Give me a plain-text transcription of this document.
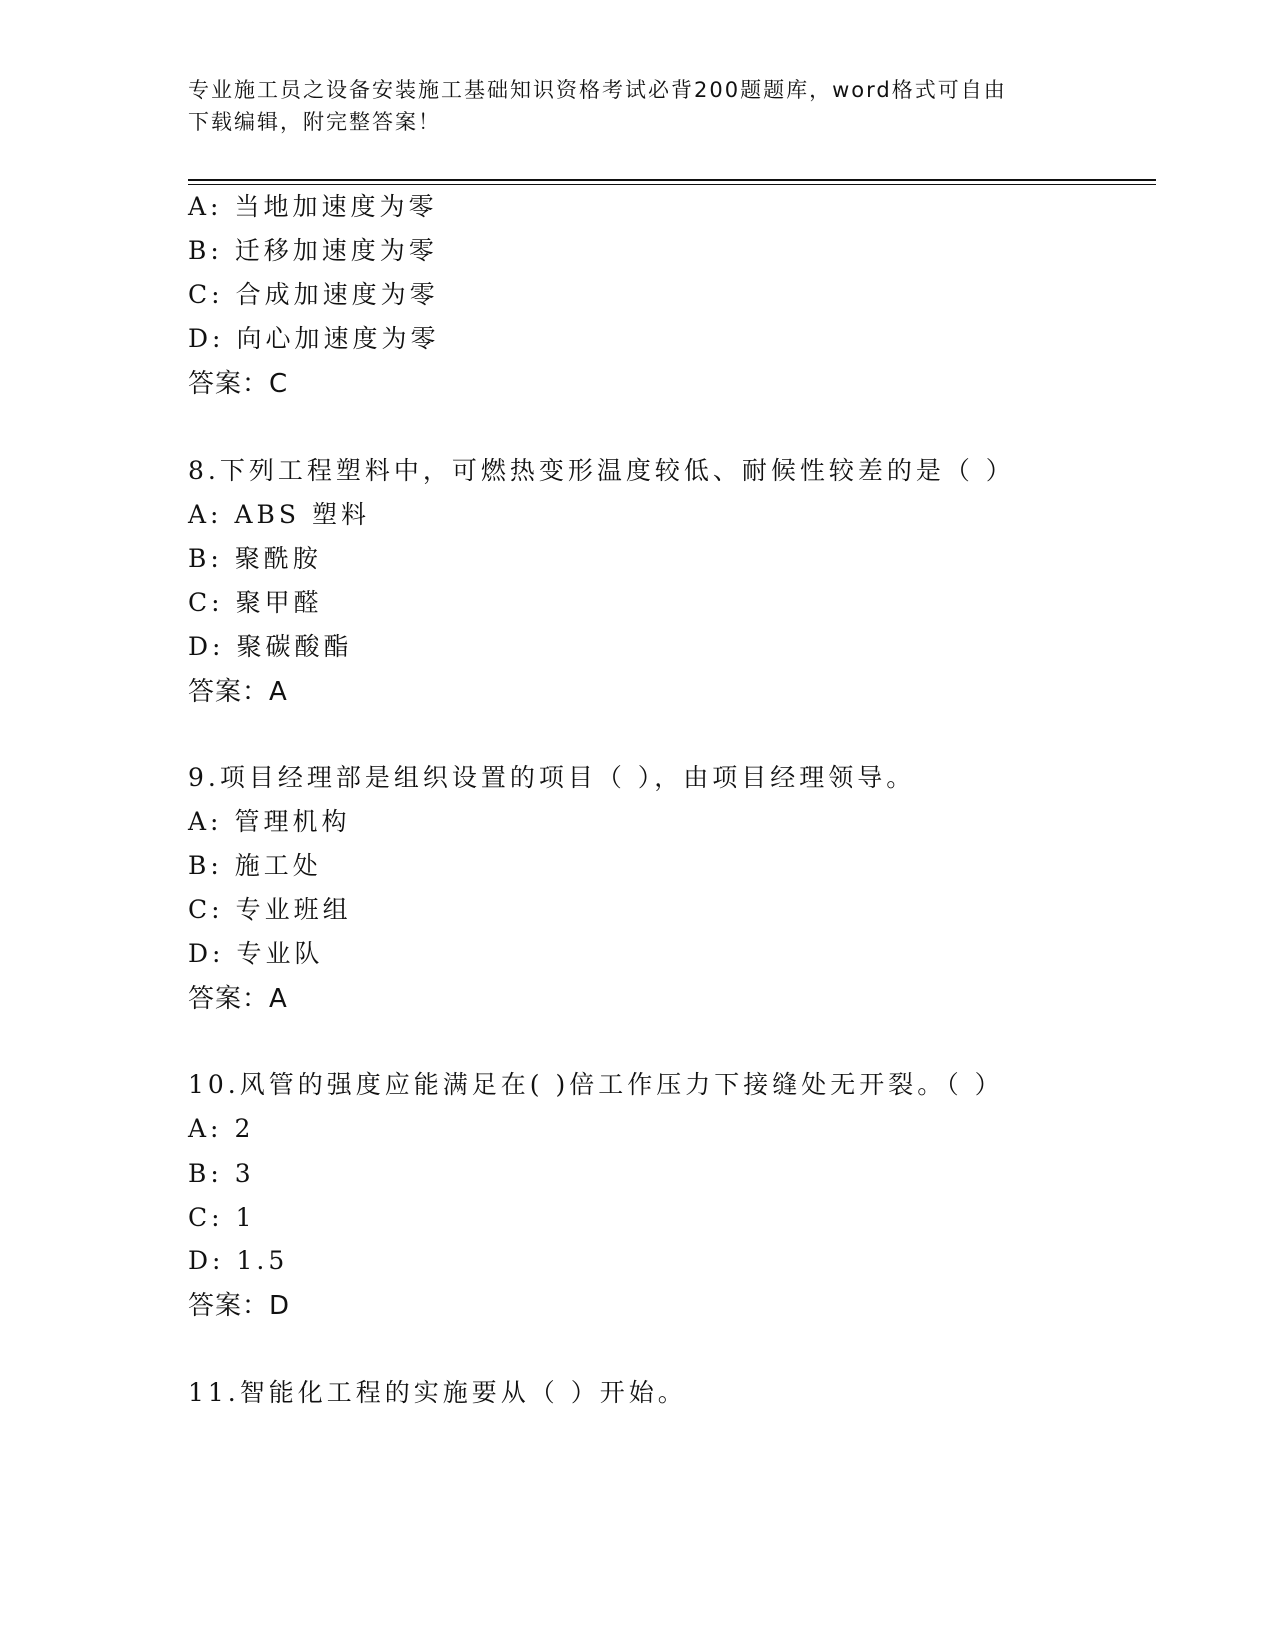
专业施工员之设备安装施工基础知识资格考试必背200题题库，word格式可自由
下载编辑，附完整答案！
A: 当地加速度为零
B: 迁移加速度为零
C: 合成加速度为零
D: 向心加速度为零
答案：C
8.下列工程塑料中，可燃热变形温度较低、耐候性较差的是（ ）
A: ABS 塑料
B: 聚酰胺
C: 聚甲醛
D: 聚碳酸酯
答案：A
9.项目经理部是组织设置的项目（ ），由项目经理领导。
A: 管理机构
B: 施工处
C: 专业班组
D: 专业队
答案：A
10.风管的强度应能满足在( )倍工作压力下接缝处无开裂。（ ）
A: 2
B: 3
C: 1
D: 1.5
答案：D
11.智能化工程的实施要从（ ）开始。
